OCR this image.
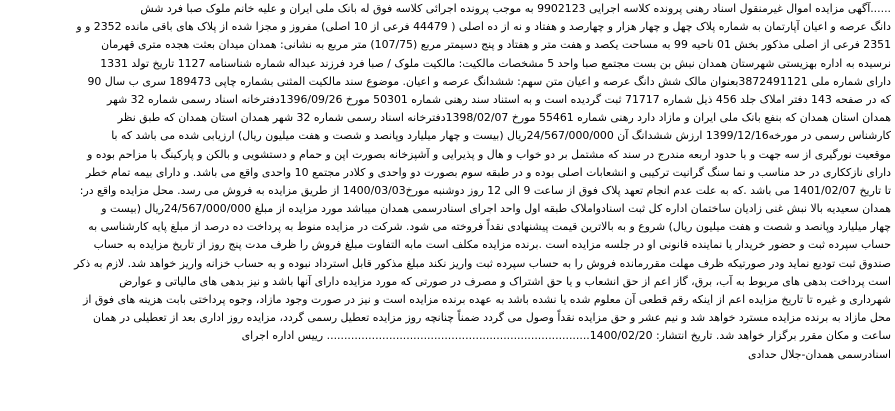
......آگهی مزایده اموال غیرمنقول اسناد رهنی پرونده کلاسه اجرایی 9902123 به موجب پرونده اجرائی کلاسه فوق له بانک ملی ایران و علیه خانم ملوک صبا فرد شش
دانگ عرصه و اعیان آپارتمان به شماره پلاک چهل و چهار هزار و چهارصد و هفتاد و نه از ده اصلی ( 44479 فرعی از 10 اصلی) مفروز و مجزا شده از پلاک های باقی مانده 2352 و و
2351 فرعی از اصلی مذکور بخش 01 ناحیه 99 به مساحت یکصد و هفت متر و هفتاد و پنج دسیمتر مربع (107/75) متر مربع به نشانی: همدان میدان بعثت هجده متری قهرمان
نرسیده به اداره بهزیستی شهرستان همدان نبش بن بست مجتمع صبا واحد 5 مشخصات مالکیت: مالکیت ملوک / صبا فرد فرزند عبداله شماره شناسنامه 1127 تاریخ تولد 1331
دارای شماره ملی 3872491121بعنوان مالک شش دانگ عرصه و اعیان متن سهم: ششدانگ عرصه و اعیان. موضوع سند مالکیت المثنی بشماره چاپی 189473 سری ب سال 90
که در صفحه 143 دفتر املاک جلد 456 ذیل شماره 71717 ثبت گردیده است و به استناد سند رهنی شماره 50301 مورخ 1396/09/26دفترخانه اسناد رسمی شماره 32 شهر
همدان استان همدان که بنفع بانک ملی ایران و مازاد دارد رهنی شماره 55461 مورخ 1398/02/07دفترخانه اسناد رسمی شماره 32 شهر همدان استان همدان که طبق نظر
کارشناس رسمی در مورخه1399/12/16 ارزش ششدانگ آن 24/567/000/000ریال (بیست و چهار میلیارد وپانصد و شصت و هفت میلیون ریال) ارزیابی شده می باشد که با
موقعیت نورگیری از سه جهت و با حدود اربعه مندرج در سند که مشتمل بر دو خواب و هال و پذیرایی و آشپزخانه بصورت اپن و حمام و دستشویی و بالکن و پارکینگ با مزاحم بوده و
دارای نازککاری در حد مناسب و نما سنگ گرانیت ترکیبی و انشعابات اصلی بوده و در طبقه سوم بصورت دو واحدی و کلادر مجتمع 10 واحدی واقع می باشد. و دارای بیمه تمام خطر
تا تاریخ 1401/02/07 می باشد .که به علت عدم انجام تعهد پلاک فوق از ساعت 9 الی 12 روز دوشنبه مورخ1400/03/03 از طریق مزایده به فروش می رسد. محل مزایده واقع در:
همدان سعیدیه بالا نبش غنی زادیان ساختمان اداره کل ثبت اسنادواملاک طبقه اول واحد اجرای اسنادرسمی همدان میباشد مورد مزایده از مبلغ 24/567/000/000ریال (بیست و
چهار میلیارد وپانصد و شصت و هفت میلیون ریال) شروع و به بالاترین قیمت پیشنهادی نقداً فروخته می شود. شرکت در مزایده منوط به پرداخت ده درصد از مبلغ پایه کارشناسی به
حساب سپرده ثبت و حضور خریدار یا نماینده قانونی او در جلسه مزایده است .برنده مزایده مکلف است مابه التفاوت مبلغ فروش را ظرف مدت پنج روز از تاریخ مزایده به حساب
صندوق ثبت تودیع نماید ودر صورتیکه ظرف مهلت مقررمانده فروش را به حساب سپرده ثبت واریز نکند مبلغ مذکور قابل استرداد نبوده و به حساب خزانه واریز خواهد شد. لازم به ذکر
است پرداخت بدهی های مربوط به آب، برق، گاز اعم از حق انشعاب و یا حق اشتراک و مصرف در صورتی که مورد مزایده دارای آنها باشد و نیز بدهی های مالیاتی و عوارض
شهرداری و غیره تا تاریخ مزایده اعم از اینکه رقم قطعی آن معلوم شده یا نشده باشد به عهده برنده مزایده است و نیز در صورت وجود مازاد، وجوه پرداختی بابت هزینه های فوق از
محل مازاد به برنده مزایده مسترد خواهد شد و نیم عشر و حق مزایده نقداً وصول می گردد ضمناً چنانچه روز مزایده تعطیل رسمی گردد، مزایده روز اداری بعد از تعطیلی در همان
ساعت و مکان مقرر برگزار خواهد شد. تاریخ انتشار: 1400/02/20............................................................................ رییس اداره اجرای
اسنادرسمی همدان-جلال حدادی
